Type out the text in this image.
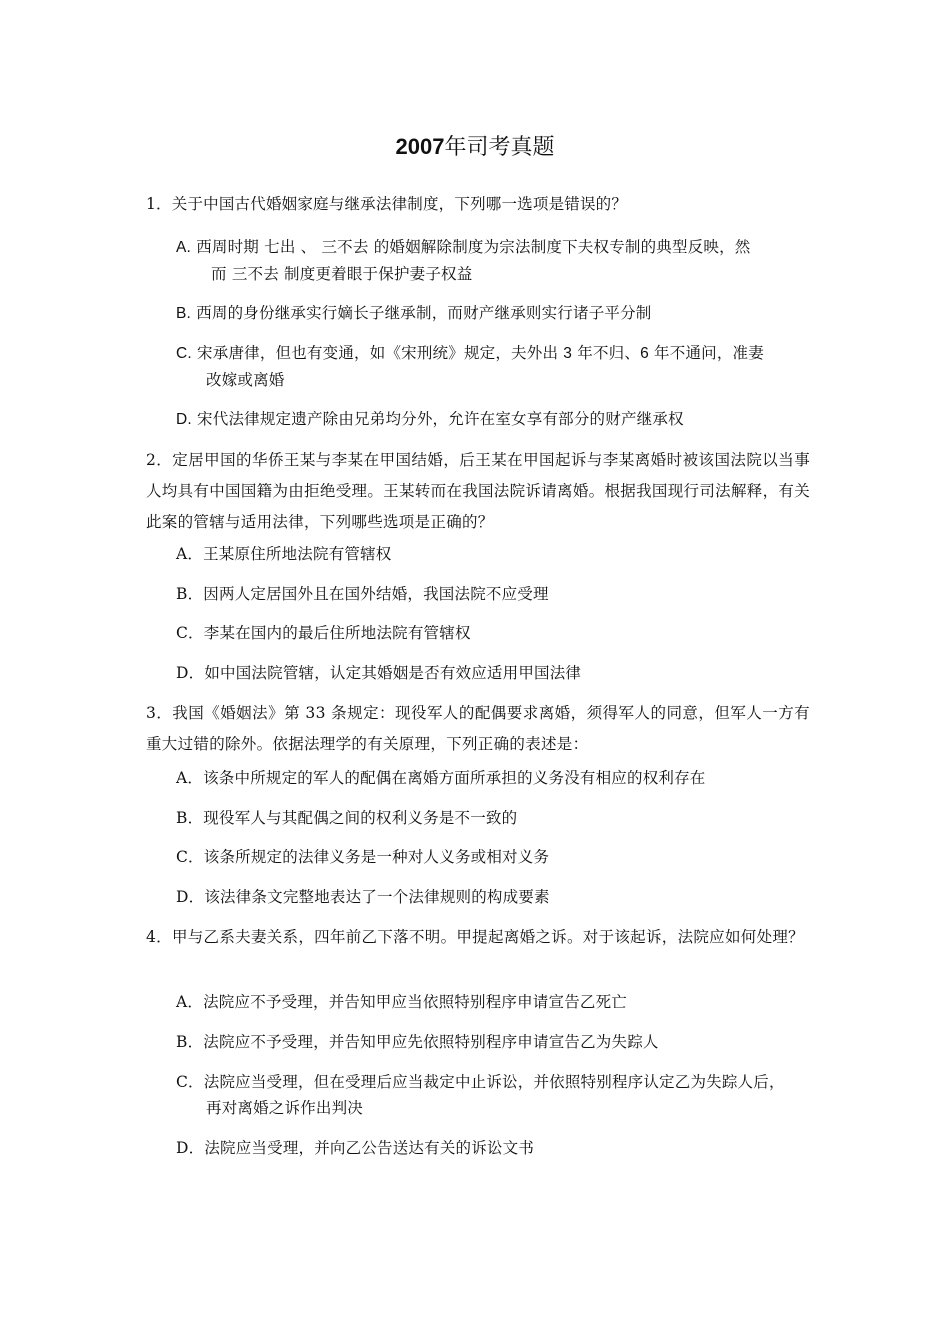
2007年司考真题
1．关于中国古代婚姻家庭与继承法律制度，下列哪一选项是错误的？
A. 西周时期 七出 、 三不去 的婚姻解除制度为宗法制度下夫权专制的典型反映，然
而 三不去 制度更着眼于保护妻子权益
B. 西周的身份继承实行嫡长子继承制，而财产继承则实行诸子平分制
C. 宋承唐律，但也有变通，如《宋刑统》规定，夫外出 3 年不归、6 年不通问，准妻
改嫁或离婚
D. 宋代法律规定遗产除由兄弟均分外，允许在室女享有部分的财产继承权
2．定居甲国的华侨王某与李某在甲国结婚，后王某在甲国起诉与李某离婚时被该国法院以当事人均具有中国国籍为由拒绝受理。王某转而在我国法院诉请离婚。根据我国现行司法解释，有关此案的管辖与适用法律，下列哪些选项是正确的？
A．王某原住所地法院有管辖权
B．因两人定居国外且在国外结婚，我国法院不应受理
C．李某在国内的最后住所地法院有管辖权
D．如中国法院管辖，认定其婚姻是否有效应适用甲国法律
3．我国《婚姻法》第 33 条规定：现役军人的配偶要求离婚，须得军人的同意，但军人一方有重大过错的除外。依据法理学的有关原理，下列正确的表述是：
A．该条中所规定的军人的配偶在离婚方面所承担的义务没有相应的权利存在
B．现役军人与其配偶之间的权利义务是不一致的
C．该条所规定的法律义务是一种对人义务或相对义务
D．该法律条文完整地表达了一个法律规则的构成要素
4．甲与乙系夫妻关系，四年前乙下落不明。甲提起离婚之诉。对于该起诉，法院应如何处理？
A．法院应不予受理，并告知甲应当依照特别程序申请宣告乙死亡
B．法院应不予受理，并告知甲应先依照特别程序申请宣告乙为失踪人
C．法院应当受理，但在受理后应当裁定中止诉讼，并依照特别程序认定乙为失踪人后，
再对离婚之诉作出判决
D．法院应当受理，并向乙公告送达有关的诉讼文书
